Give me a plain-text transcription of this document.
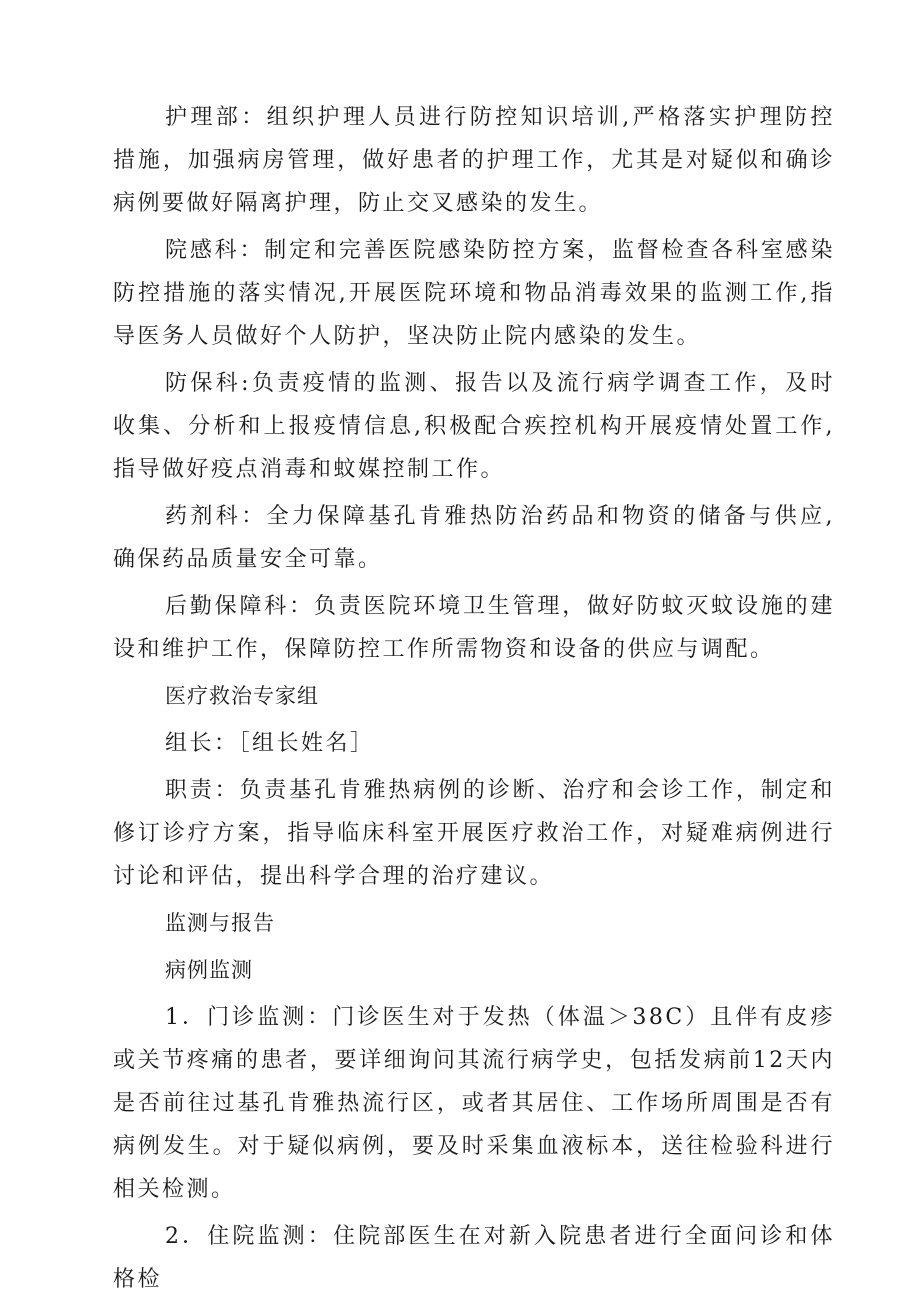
护理部：组织护理人员进行防控知识培训,严格落实护理防控措施，加强病房管理，做好患者的护理工作，尤其是对疑似和确诊病例要做好隔离护理，防止交叉感染的发生。

院感科：制定和完善医院感染防控方案，监督检查各科室感染防控措施的落实情况,开展医院环境和物品消毒效果的监测工作,指导医务人员做好个人防护，坚决防止院内感染的发生。

防保科:负责疫情的监测、报告以及流行病学调查工作，及时收集、分析和上报疫情信息,积极配合疾控机构开展疫情处置工作,指导做好疫点消毒和蚊媒控制工作。

药剂科：全力保障基孔肯雅热防治药品和物资的储备与供应,确保药品质量安全可靠。

后勤保障科：负责医院环境卫生管理，做好防蚊灭蚊设施的建设和维护工作，保障防控工作所需物资和设备的供应与调配。

医疗救治专家组

组长：［组长姓名］

职责：负责基孔肯雅热病例的诊断、治疗和会诊工作，制定和修订诊疗方案，指导临床科室开展医疗救治工作，对疑难病例进行讨论和评估，提出科学合理的治疗建议。

监测与报告

病例监测

1．门诊监测：门诊医生对于发热（体温＞38C）且伴有皮疹或关节疼痛的患者，要详细询问其流行病学史，包括发病前12天内是否前往过基孔肯雅热流行区，或者其居住、工作场所周围是否有病例发生。对于疑似病例，要及时采集血液标本，送往检验科进行相关检测。

2．住院监测：住院部医生在对新入院患者进行全面问诊和体格检
